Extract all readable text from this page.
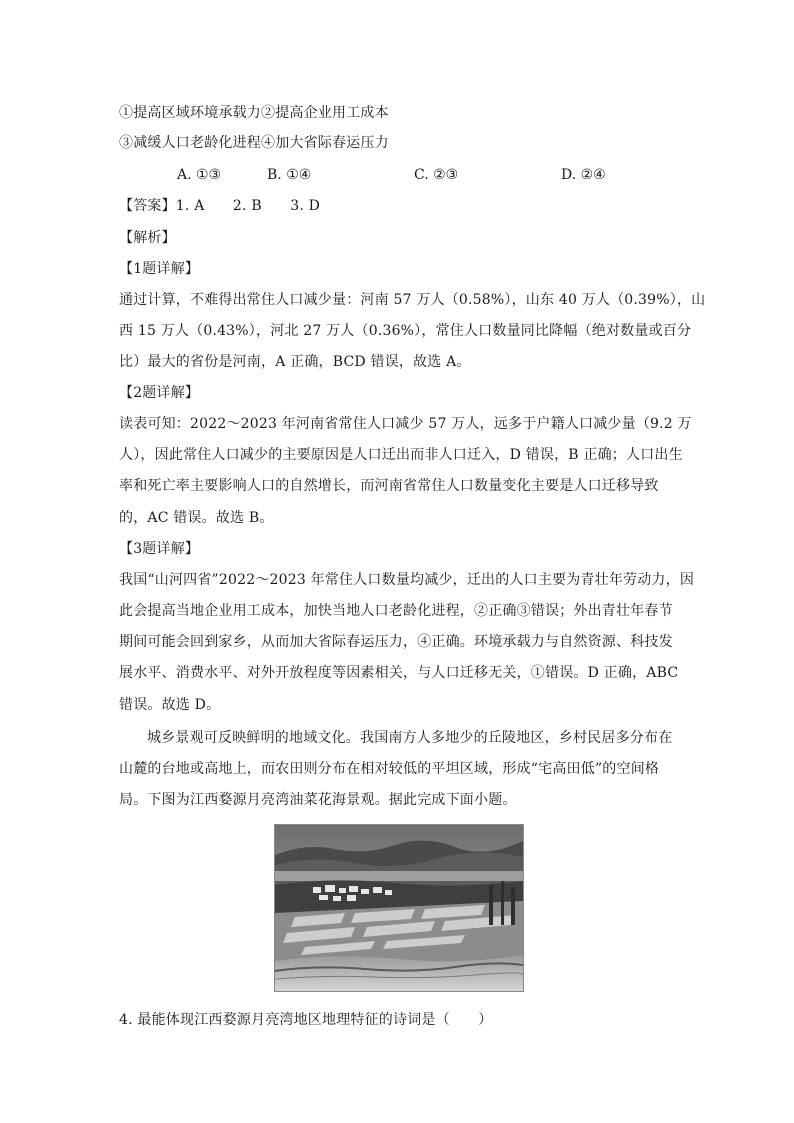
①提高区域环境承载力②提高企业用工成本
③减缓人口老龄化进程④加大省际春运压力
A. ①③	B. ①④	C. ②③	D. ②④
【答案】1. A　　2. B　　3. D
【解析】
【1题详解】
通过计算，不难得出常住人口减少量：河南 57 万人（0.58%），山东 40 万人（0.39%），山
西 15 万人（0.43%），河北 27 万人（0.36%），常住人口数量同比降幅（绝对数量或百分
比）最大的省份是河南，A 正确，BCD 错误，故选 A。
【2题详解】
读表可知：2022～2023 年河南省常住人口减少 57 万人，远多于户籍人口减少量（9.2 万
人），因此常住人口减少的主要原因是人口迁出而非人口迁入，D 错误，B 正确；人口出生
率和死亡率主要影响人口的自然增长，而河南省常住人口数量变化主要是人口迁移导致
的，AC 错误。故选 B。
【3题详解】
我国“山河四省”2022～2023 年常住人口数量均减少，迁出的人口主要为青壮年劳动力，因
此会提高当地企业用工成本，加快当地人口老龄化进程，②正确③错误；外出青壮年春节
期间可能会回到家乡，从而加大省际春运压力，④正确。环境承载力与自然资源、科技发
展水平、消费水平、对外开放程度等因素相关，与人口迁移无关，①错误。D 正确，ABC
错误。故选 D。
城乡景观可反映鲜明的地域文化。我国南方人多地少的丘陵地区，乡村民居多分布在
山麓的台地或高地上，而农田则分布在相对较低的平坦区域，形成“宅高田低”的空间格
局。下图为江西婺源月亮湾油菜花海景观。据此完成下面小题。
4. 最能体现江西婺源月亮湾地区地理特征的诗词是（　　）
